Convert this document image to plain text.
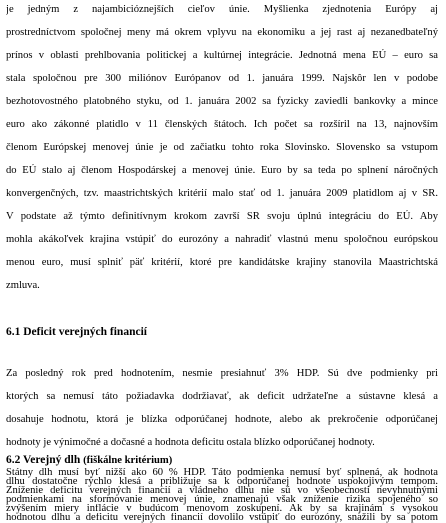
je jedným z najambicióznejších cieľov únie. Myšlienka zjednotenia Európy aj
prostredníctvom spoločnej meny má okrem vplyvu na ekonomiku a jej rast aj nezanedbateľný
prínos v oblasti prehlbovania politickej a kultúrnej integrácie. Jednotná mena EÚ – euro sa
stala spoločnou pre 300 miliónov Európanov od 1. januára 1999. Najskôr len v podobe
bezhotovostného platobného styku, od 1. januára 2002 sa fyzicky zaviedli bankovky a mince
euro ako zákonné platidlo v 11 členských štátoch. Ich počet sa rozšíril na 13, najnovším
členom Európskej menovej únie je od začiatku tohto roka Slovinsko. Slovensko sa vstupom
do EÚ stalo aj členom Hospodárskej a menovej únie. Euro by sa teda po splnení náročných
konvergenčných, tzv. maastrichtských kritérií malo stať od 1. januára 2009 platidlom aj v SR.
V podstate až týmto definitívnym krokom završí SR svoju úplnú integráciu do EÚ. Aby
mohla akákoľvek krajina vstúpiť do eurozóny a nahradiť vlastnú menu spoločnou európskou
menou euro, musí splniť päť kritérií, ktoré pre kandidátske krajiny stanovila Maastrichtská
zmluva.
6.1 Deficit verejných financií
Za posledný rok pred hodnotením, nesmie presiahnuť 3% HDP. Sú dve podmienky pri
ktorých sa nemusí táto požiadavka dodržiavať, ak deficit udržateľne a sústavne klesá a
dosahuje hodnotu, ktorá je blízka odporúčanej hodnote, alebo ak prekročenie odporúčanej
hodnoty je výnimočné a dočasné a hodnota deficitu ostala blízko odporúčanej hodnoty.
6.2 Verejný dlh (fiškálne kritérium)
Štátny dlh musí byť nižší ako 60 % HDP. Táto podmienka nemusí byť splnená, ak hodnota
dlhu dostatočne rýchlo klesá a približuje sa k odporúčanej hodnote uspokojivým tempom.
Zníženie deficitu verejných financií a vládneho dlhu nie sú vo všeobecnosti nevyhnutnými
podmienkami na sformovanie menovej únie, znamenajú však zníženie rizika spojeného so
zvýšením miery inflácie v budúcom menovom zoskupení. Ak by sa krajinám s vysokou
hodnotou dlhu a deficitu verejných financií dovolilo vstúpiť do eurozóny, snažili by sa potom
